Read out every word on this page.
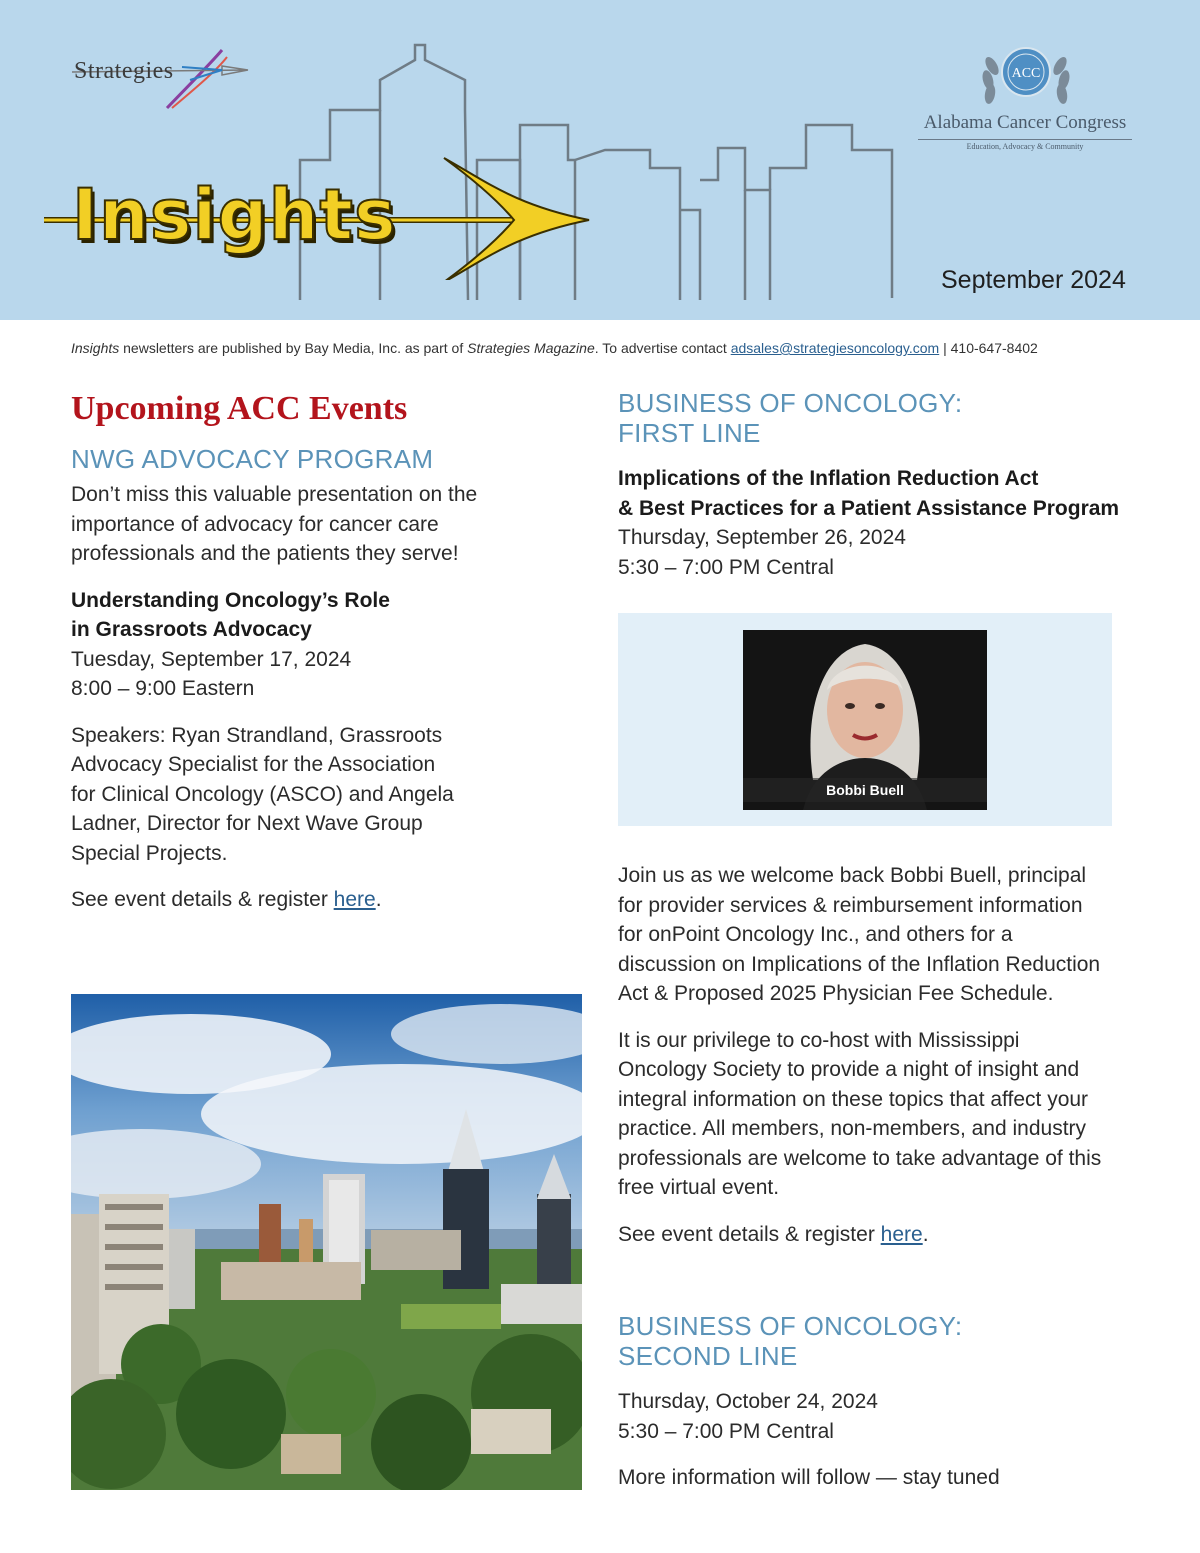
Strategies
Insights
ACC
Alabama Cancer Congress
Education, Advocacy & Community
September 2024
Insights newsletters are published by Bay Media, Inc. as part of Strategies Magazine. To advertise contact adsales@strategiesoncology.com | 410-647-8402
Upcoming ACC Events
NWG ADVOCACY PROGRAM
Don’t miss this valuable presentation on the
importance of advocacy for cancer care
professionals and the patients they serve!
Understanding Oncology’s Role
in Grassroots Advocacy
Tuesday, September 17, 2024
8:00 – 9:00 Eastern
Speakers: Ryan Strandland, Grassroots
Advocacy Specialist for the Association
for Clinical Oncology (ASCO) and Angela
Ladner, Director for Next Wave Group
Special Projects.
See event details & register here.
BUSINESS OF ONCOLOGY:
FIRST LINE
Implications of the Inflation Reduction Act
& Best Practices for a Patient Assistance Program
Thursday, September 26, 2024
5:30 – 7:00 PM Central
Bobbi Buell
Join us as we welcome back Bobbi Buell, principal
for provider services & reimbursement information
for onPoint Oncology Inc., and others for a
discussion on Implications of the Inflation Reduction
Act & Proposed 2025 Physician Fee Schedule.
It is our privilege to co-host with Mississippi
Oncology Society to provide a night of insight and
integral information on these topics that affect your
practice. All members, non-members, and industry
professionals are welcome to take advantage of this
free virtual event.
See event details & register here.
BUSINESS OF ONCOLOGY:
SECOND LINE
Thursday, October 24, 2024
5:30 – 7:00 PM Central
More information will follow — stay tuned
